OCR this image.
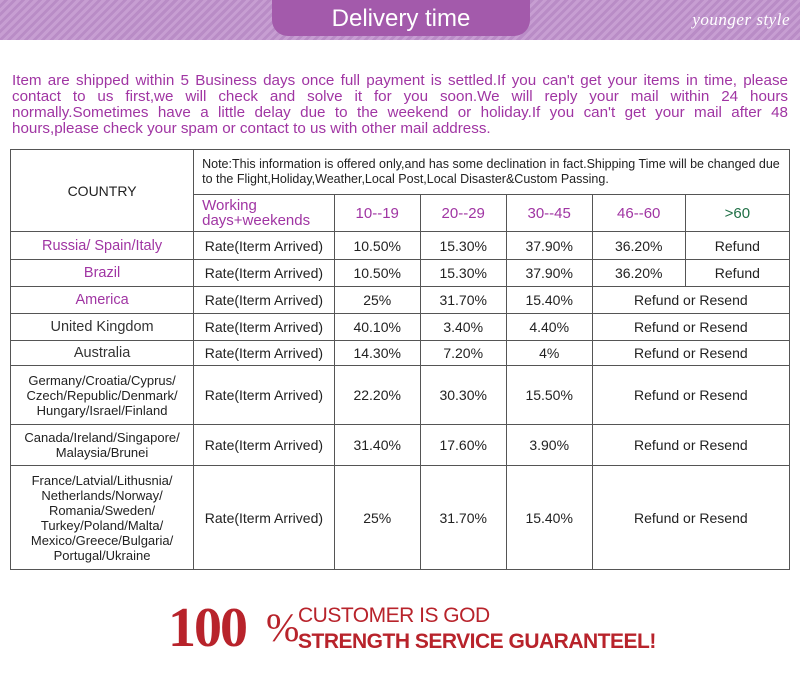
Delivery time	younger style
Item are shipped within 5 Business days once full payment is settled.If you can't get your items in time, please contact to us first,we will check and solve it for you soon.We will reply your mail within 24 hours normally.Sometimes have a little delay due to the weekend or holiday.If you can't get your mail after 48 hours,please check your spam or contact to us with other mail address.
COUNTRY	Note:This information is offered only,and has some declination in fact.Shipping Time will be changed due to the Flight,Holiday,Weather,Local Post,Local Disaster&Custom Passing.					
	Working days+weekends	10--19	20--29	30--45	46--60	>60
Russia/ Spain/Italy	Rate(Iterm Arrived)	10.50%	15.30%	37.90%	36.20%	Refund
Brazil	Rate(Iterm Arrived)	10.50%	15.30%	37.90%	36.20%	Refund
America	Rate(Iterm Arrived)	25%	31.70%	15.40%	Refund or Resend	
United Kingdom	Rate(Iterm Arrived)	40.10%	3.40%	4.40%	Refund or Resend	
Australia	Rate(Iterm Arrived)	14.30%	7.20%	4%	Refund or Resend	
Germany/Croatia/Cyprus/ Czech/Republic/Denmark/ Hungary/Israel/Finland	Rate(Iterm Arrived)	22.20%	30.30%	15.50%	Refund or Resend	
Canada/Ireland/Singapore/ Malaysia/Brunei	Rate(Iterm Arrived)	31.40%	17.60%	3.90%	Refund or Resend	
France/Latvial/Lithusnia/ Netherlands/Norway/ Romania/Sweden/ Turkey/Poland/Malta/ Mexico/Greece/Bulgaria/ Portugal/Ukraine	Rate(Iterm Arrived)	25%	31.70%	15.40%	Refund or Resend	
100 %
CUSTOMER IS GOD
STRENGTH SERVICE GUARANTEEL!
